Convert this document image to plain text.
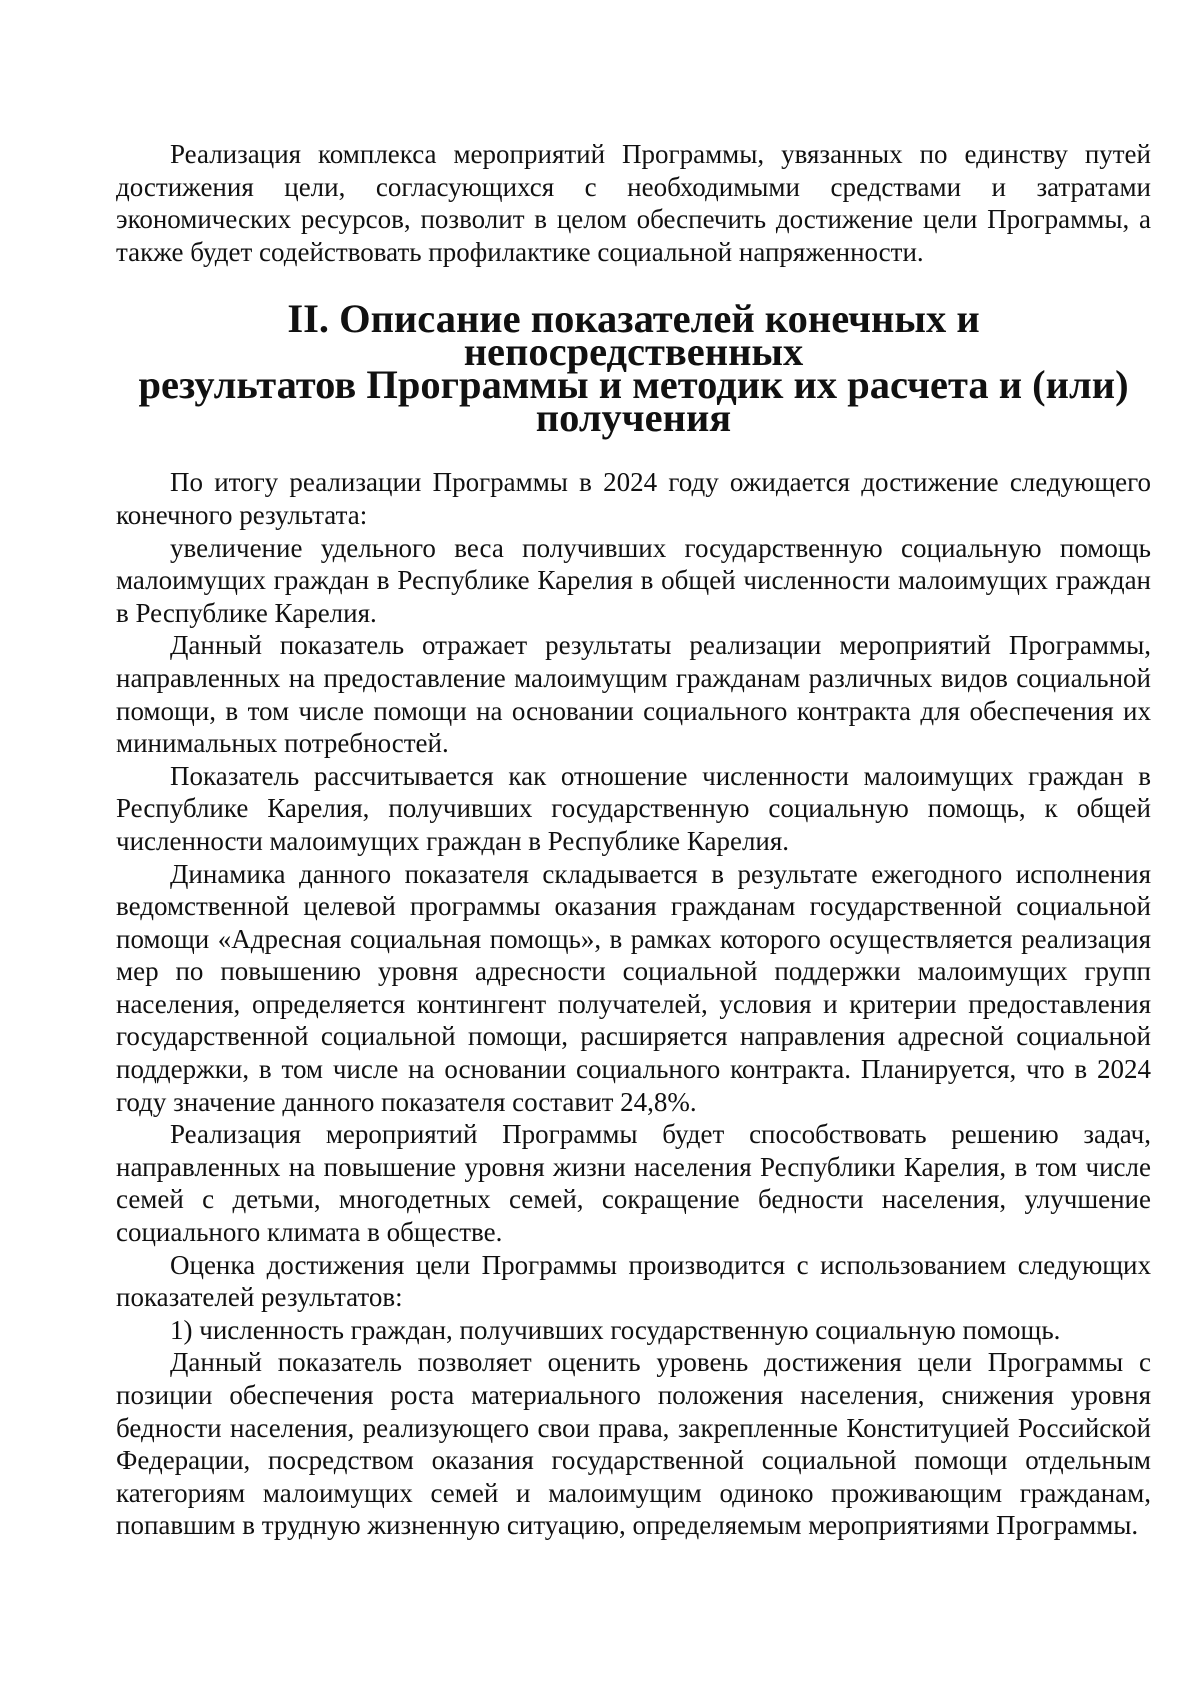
Реализация комплекса мероприятий Программы, увязанных по единству путей достижения цели, согласующихся с необходимыми средствами и затратами экономических ресурсов, позволит в целом обеспечить достижение цели Программы, а также будет содействовать профилактике социальной напряженности.

II. Описание показателей конечных и непосредственных
результатов Программы и методик их расчета и (или) получения

По итогу реализации Программы в 2024 году ожидается достижение следующего конечного результата:

увеличение удельного веса получивших государственную социальную помощь малоимущих граждан в Республике Карелия в общей численности малоимущих граждан в Республике Карелия.

Данный показатель отражает результаты реализации мероприятий Программы, направленных на предоставление малоимущим гражданам различных видов социальной помощи, в том числе помощи на основании социального контракта для обеспечения их минимальных потребностей.

Показатель рассчитывается как отношение численности малоимущих граждан в Республике Карелия, получивших государственную социальную помощь, к общей численности малоимущих граждан в Республике Карелия.

Динамика данного показателя складывается в результате ежегодного исполнения ведомственной целевой программы оказания гражданам государственной социальной помощи «Адресная социальная помощь», в рамках которого осуществляется реализация мер по повышению уровня адресности социальной поддержки малоимущих групп населения, определяется контингент получателей, условия и критерии предоставления государственной социальной помощи, расширяется направления адресной социальной поддержки, в том числе на основании социального контракта. Планируется, что в 2024 году значение данного показателя составит 24,8%.

Реализация мероприятий Программы будет способствовать решению задач, направленных на повышение уровня жизни населения Республики Карелия, в том числе семей с детьми, многодетных семей, сокращение бедности населения, улучшение социального климата в обществе.

Оценка достижения цели Программы производится с использованием следующих показателей результатов:

1) численность граждан, получивших государственную социальную помощь.

Данный показатель позволяет оценить уровень достижения цели Программы с позиции обеспечения роста материального положения населения, снижения уровня бедности населения, реализующего свои права, закрепленные Конституцией Российской Федерации, посредством оказания государственной социальной помощи отдельным категориям малоимущих семей и малоимущим одиноко проживающим гражданам, попавшим в трудную жизненную ситуацию, определяемым мероприятиями Программы.
